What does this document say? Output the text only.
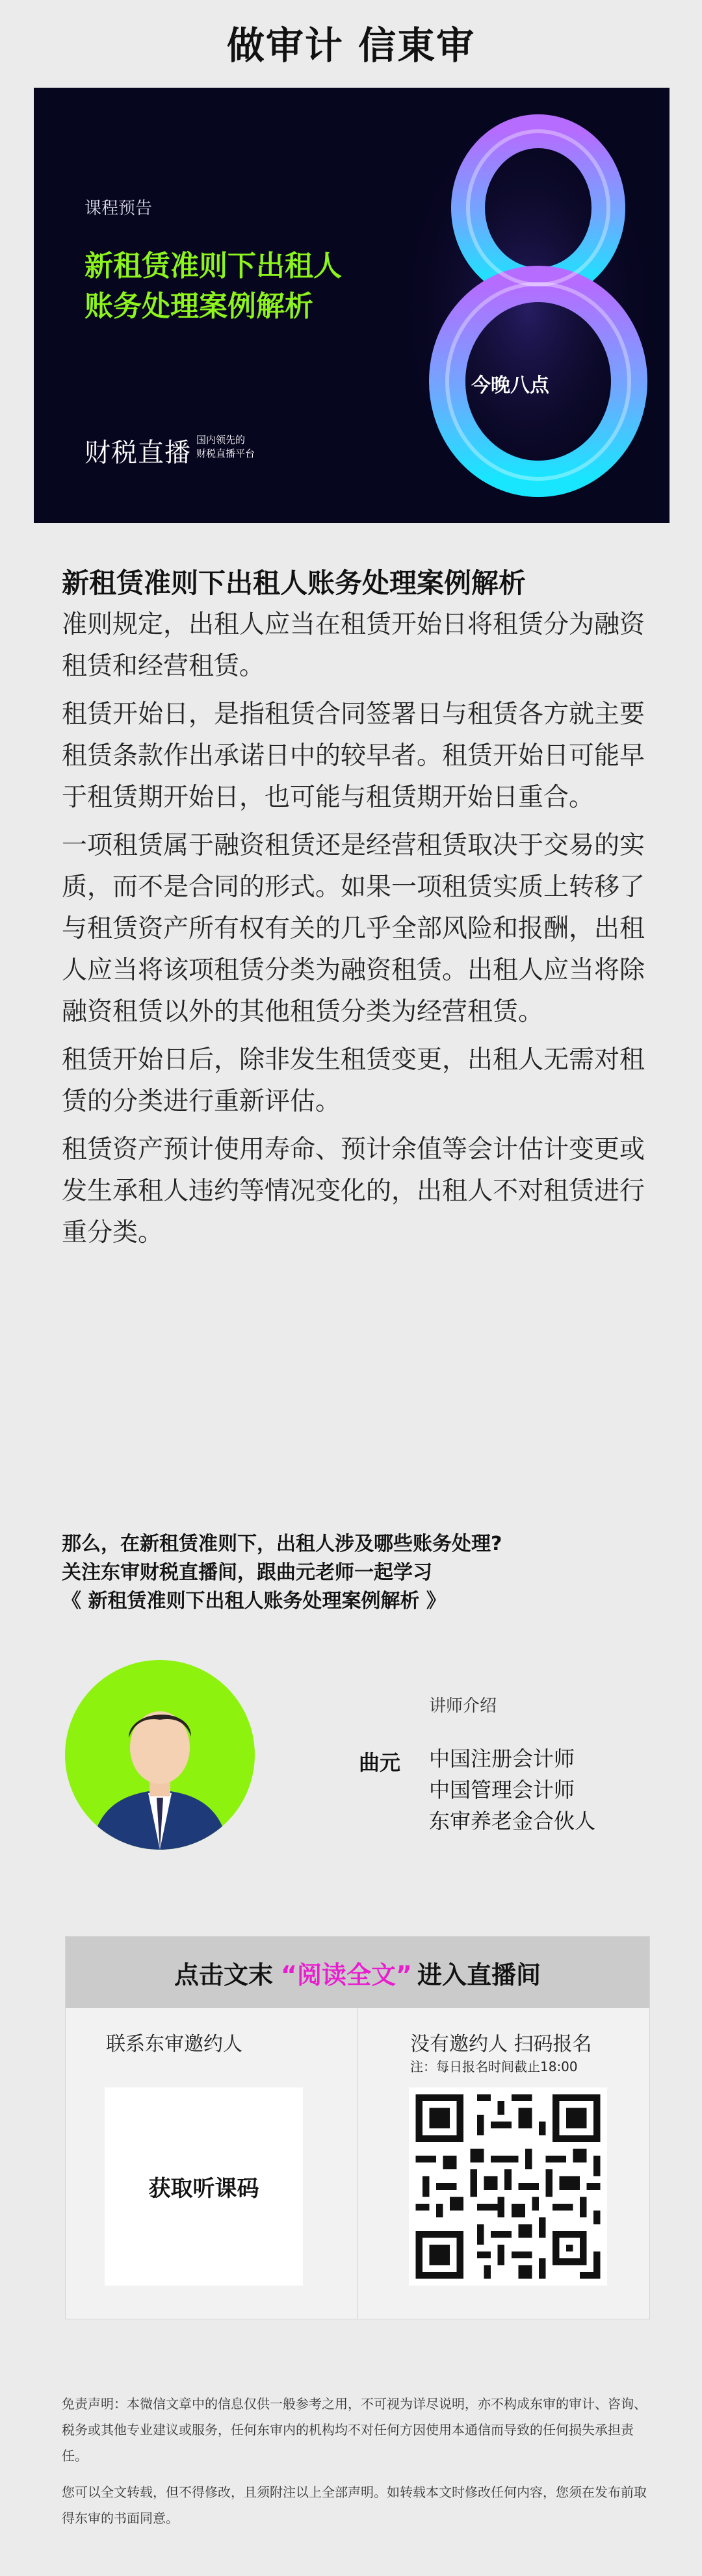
做审计 信東审
课程预告
新租赁准则下出租人
账务处理案例解析
财税直播 国内领先的
财税直播平台
今晚八点
新租赁准则下出租人账务处理案例解析

准则规定，出租人应当在租赁开始日将租赁分为融资租赁和经营租赁。

租赁开始日，是指租赁合同签署日与租赁各方就主要租赁条款作出承诺日中的较早者。租赁开始日可能早于租赁期开始日，也可能与租赁期开始日重合。

一项租赁属于融资租赁还是经营租赁取决于交易的实质，而不是合同的形式。如果一项租赁实质上转移了与租赁资产所有权有关的几乎全部风险和报酬，出租人应当将该项租赁分类为融资租赁。出租人应当将除融资租赁以外的其他租赁分类为经营租赁。

租赁开始日后，除非发生租赁变更，出租人无需对租赁的分类进行重新评估。

租赁资产预计使用寿命、预计余值等会计估计变更或发生承租人违约等情况变化的，出租人不对租赁进行重分类。

那么，在新租赁准则下，出租人涉及哪些账务处理?
关注东审财税直播间，跟曲元老师一起学习
《 新租赁准则下出租人账务处理案例解析 》
讲师介绍
曲元 中国注册会计师
中国管理会计师
东审养老金合伙人
点击文末 “阅读全文” 进入直播间
联系东审邀约人
获取听课码
没有邀约人 扫码报名
注：每日报名时间截止18:00

免责声明：本微信文章中的信息仅供一般参考之用，不可视为详尽说明，亦不构成东审的审计、咨询、税务或其他专业建议或服务，任何东审内的机构均不对任何方因使用本通信而导致的任何损失承担责任。

您可以全文转载，但不得修改，且须附注以上全部声明。如转载本文时修改任何内容，您须在发布前取得东审的书面同意。
